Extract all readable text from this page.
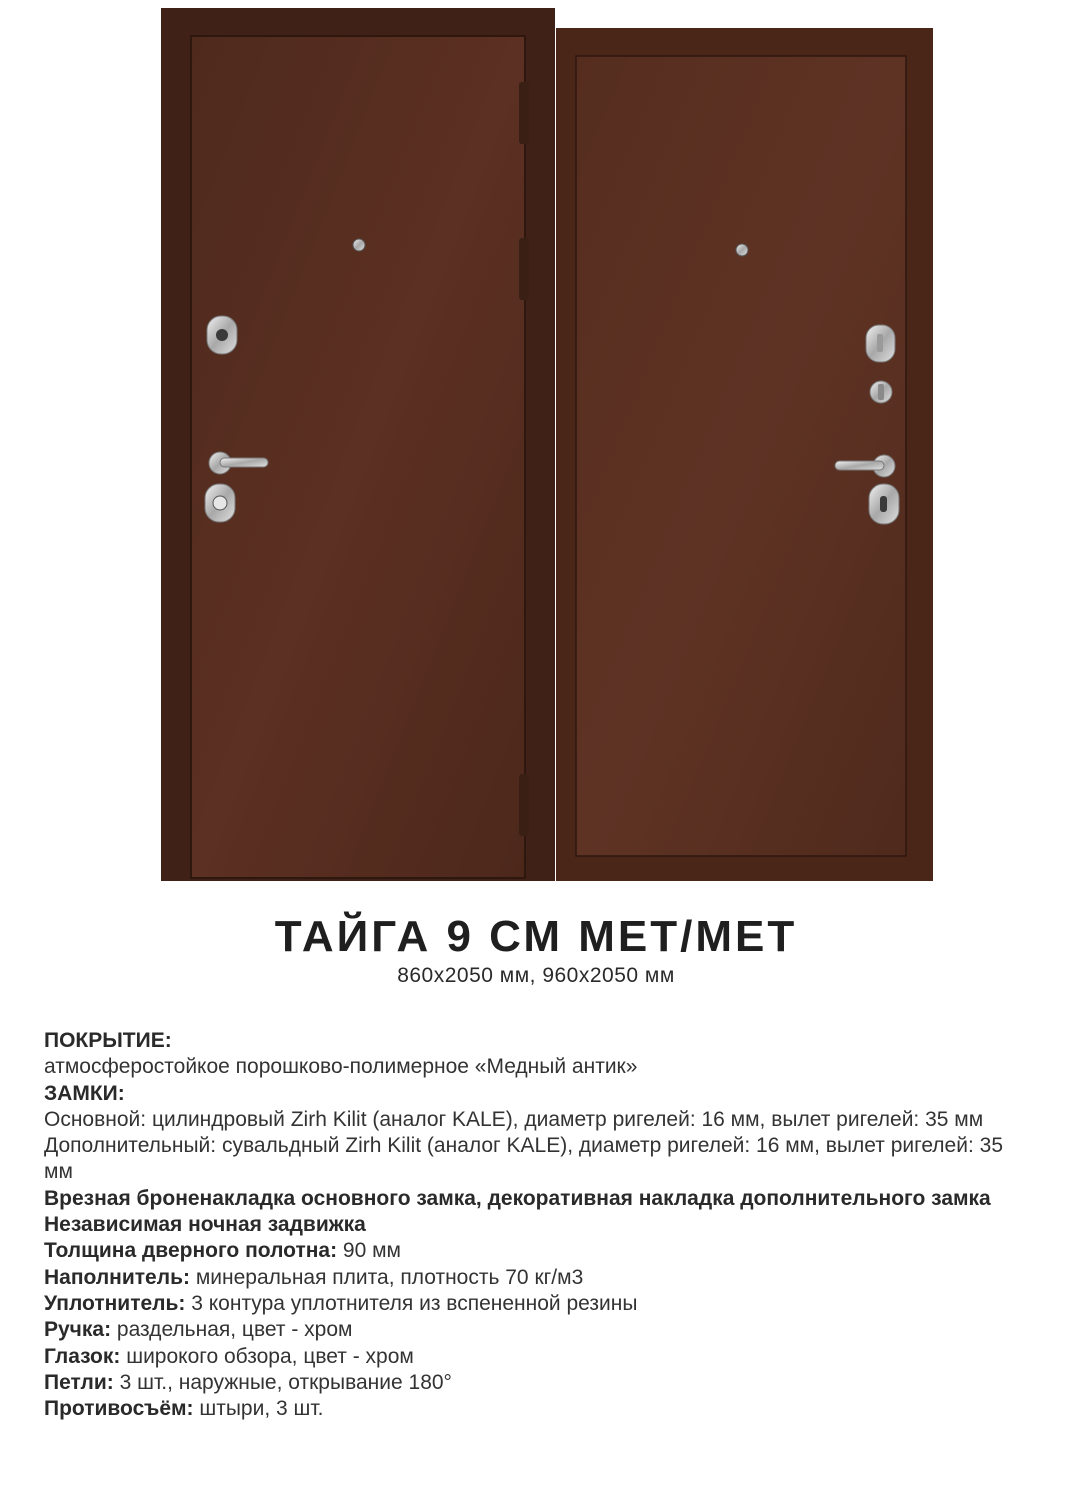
ТАЙГА 9 СМ МЕТ/МЕТ
860х2050 мм, 960х2050 мм

ПОКРЫТИЕ:

атмосферостойкое порошково-полимерное «Медный антик»

ЗАМКИ:

Основной: цилиндровый Zirh Kilit (аналог KALE), диаметр ригелей: 16 мм, вылет ригелей: 35 мм

Дополнительный: сувальдный Zirh Kilit (аналог KALE), диаметр ригелей: 16 мм, вылет ригелей: 35 мм

Врезная броненакладка основного замка, декоративная накладка дополнительного замка

Независимая ночная задвижка

Толщина дверного полотна: 90 мм

Наполнитель: минеральная плита, плотность 70 кг/м3

Уплотнитель: 3 контура уплотнителя из вспененной резины

Ручка: раздельная, цвет - хром

Глазок: широкого обзора, цвет - хром

Петли: 3 шт., наружные, открывание 180°

Противосъём: штыри, 3 шт.
